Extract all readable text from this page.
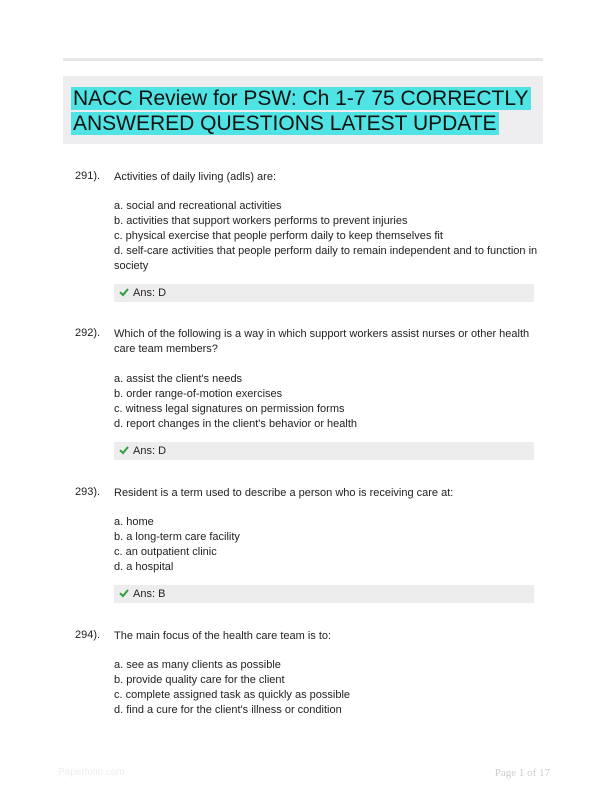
NACC Review for PSW: Ch 1-7 75 CORRECTLY ANSWERED QUESTIONS LATEST UPDATE
291). Activities of daily living (adls) are:
a. social and recreational activities
b. activities that support workers performs to prevent injuries
c. physical exercise that people perform daily to keep themselves fit
d. self-care activities that people perform daily to remain independent and to function in society
Ans: D
292). Which of the following is a way in which support workers assist nurses or other health care team members?
a. assist the client's needs
b. order range-of-motion exercises
c. witness legal signatures on permission forms
d. report changes in the client's behavior or health
Ans: D
293). Resident is a term used to describe a person who is receiving care at:
a. home
b. a long-term care facility
c. an outpatient clinic
d. a hospital
Ans: B
294). The main focus of the health care team is to:
a. see as many clients as possible
b. provide quality care for the client
c. complete assigned task as quickly as possible
d. find a cure for the client's illness or condition
Paperfolio.com	Page 1 of 17
